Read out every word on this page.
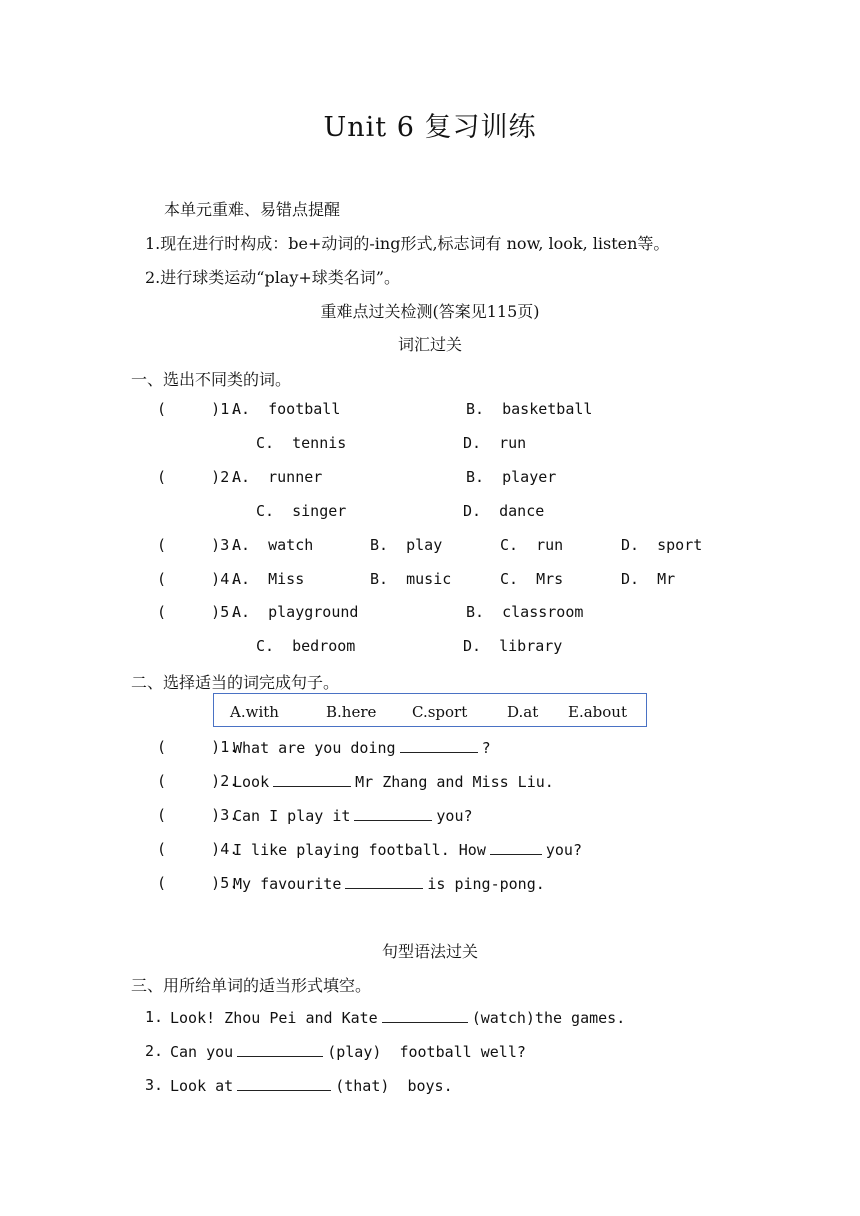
Unit 6 复习训练
本单元重难、易错点提醒
1.现在进行时构成：be+动词的-ing形式,标志词有 now, look, listen等。
2.进行球类运动“play+球类名词”。
重难点过关检测(答案见115页)
词汇过关
一、选出不同类的词。
(     )1.
A.  football	B.  basketball
C.  tennis	D.  run
(     )2.
A.  runner	B.  player
C.  singer	D.  dance
(     )3.
A.  watch	B.  play	C.  run	D.  sport
(     )4.
A.  Miss	B.  music	C.  Mrs	D.  Mr
(     )5.
A.  playground	B.  classroom
C.  bedroom	D.  library
二、选择适当的词完成句子。
A.with	B.here C.sport	D.at E.about
(     )1.
What are you doing	?
(     )2.
Look	Mr Zhang and Miss Liu.
(     )3.
Can I play it	you?
(     )4.
I like playing football. How	you?
(     )5.
My favourite	is ping-pong.
句型语法过关
三、用所给单词的适当形式填空。
1. Look! Zhou Pei and Kate	(watch)the games.
2. Can you	(play)  football well?
3. Look at	(that)  boys.
